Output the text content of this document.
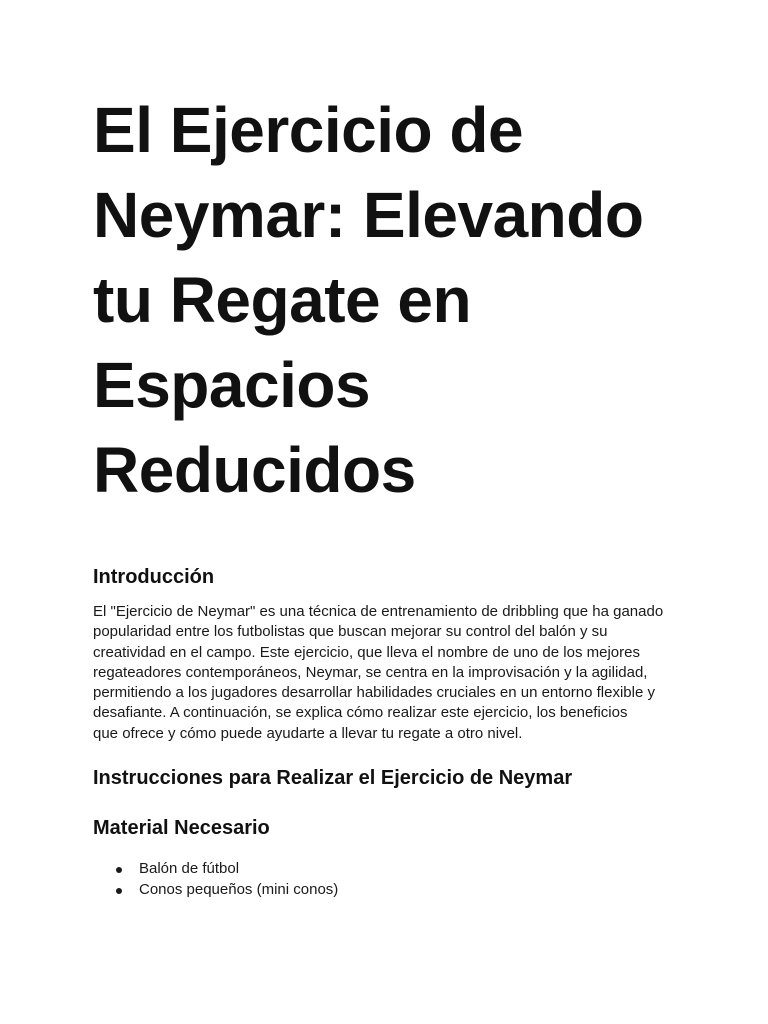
El Ejercicio de
Neymar: Elevando
tu Regate en
Espacios
Reducidos
Introducción

El "Ejercicio de Neymar" es una técnica de entrenamiento de dribbling que ha ganado
popularidad entre los futbolistas que buscan mejorar su control del balón y su
creatividad en el campo. Este ejercicio, que lleva el nombre de uno de los mejores
regateadores contemporáneos, Neymar, se centra en la improvisación y la agilidad,
permitiendo a los jugadores desarrollar habilidades cruciales en un entorno flexible y
desafiante. A continuación, se explica cómo realizar este ejercicio, los beneficios
que ofrece y cómo puede ayudarte a llevar tu regate a otro nivel.

Instrucciones para Realizar el Ejercicio de Neymar
Material Necesario
Balón de fútbol
Conos pequeños (mini conos)
